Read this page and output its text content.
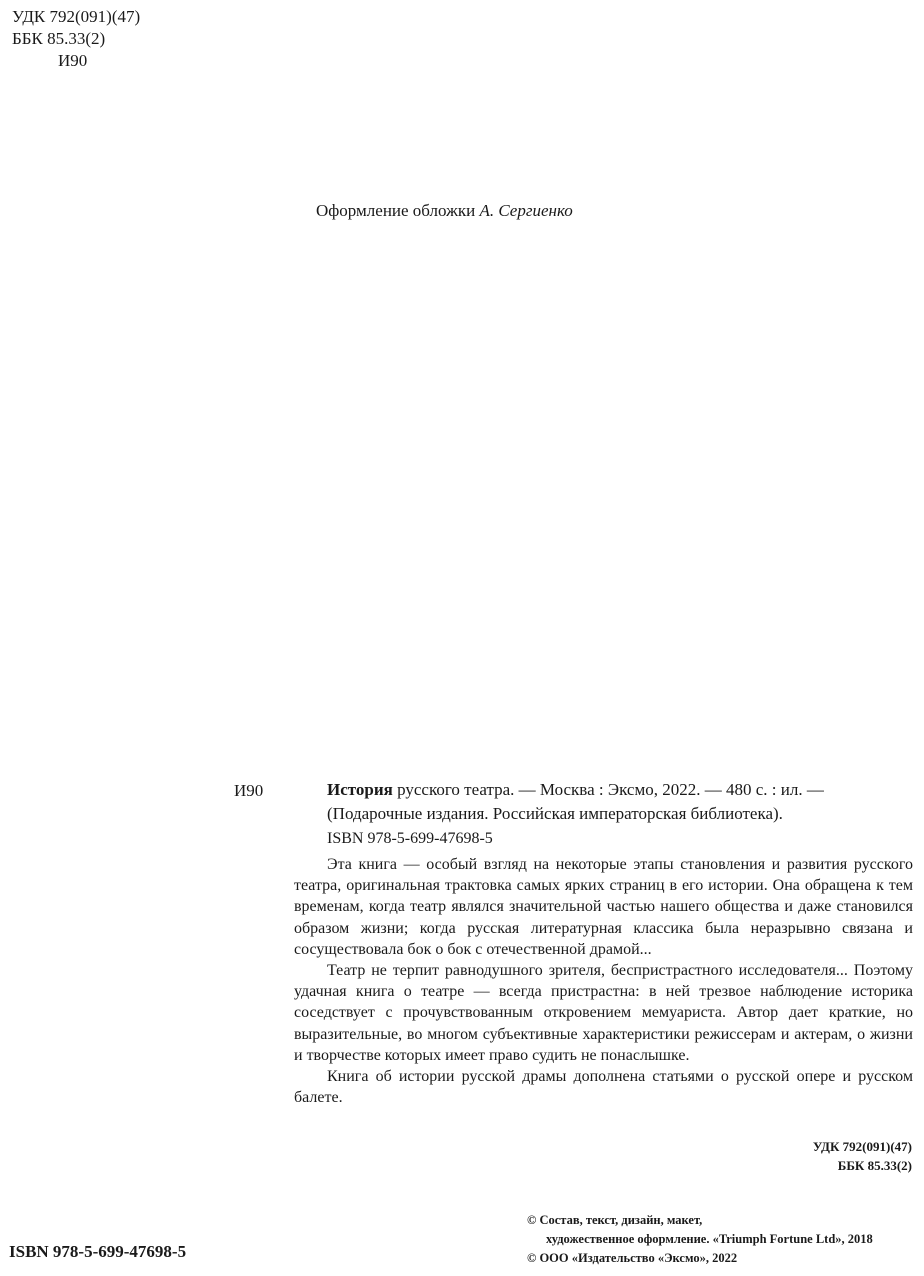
УДК 792(091)(47)
ББК 85.33(2)
И90
Оформление обложки А. Сергиенко
И90	История русского театра. — Москва : Эксмо, 2022. — 480 с. : ил. — (Подарочные издания. Российская императорская библиотека).
ISBN 978-5-699-47698-5

Эта книга — особый взгляд на некоторые этапы становления и развития русского театра, оригинальная трактовка самых ярких страниц в его истории. Она обращена к тем временам, когда театр являлся значительной частью нашего общества и даже становился образом жизни; когда русская литературная классика была неразрывно связана и сосуществовала бок о бок с отечественной драмой...

Театр не терпит равнодушного зрителя, беспристрастного исследователя... Поэтому удачная книга о театре — всегда пристрастна: в ней трезвое наблюдение историка соседствует с прочувствованным откровением мемуариста. Автор дает краткие, но выразительные, во многом субъективные характеристики режиссерам и актерам, о жизни и творчестве которых имеет право судить не понаслышке.

Книга об истории русской драмы дополнена статьями о русской опере и русском балете.

УДК 792(091)(47)
ББК 85.33(2)
ISBN 978-5-699-47698-5
© Состав, текст, дизайн, макет,
художественное оформление. «Triumph Fortune Ltd», 2018
© ООО «Издательство «Эксмо», 2022
